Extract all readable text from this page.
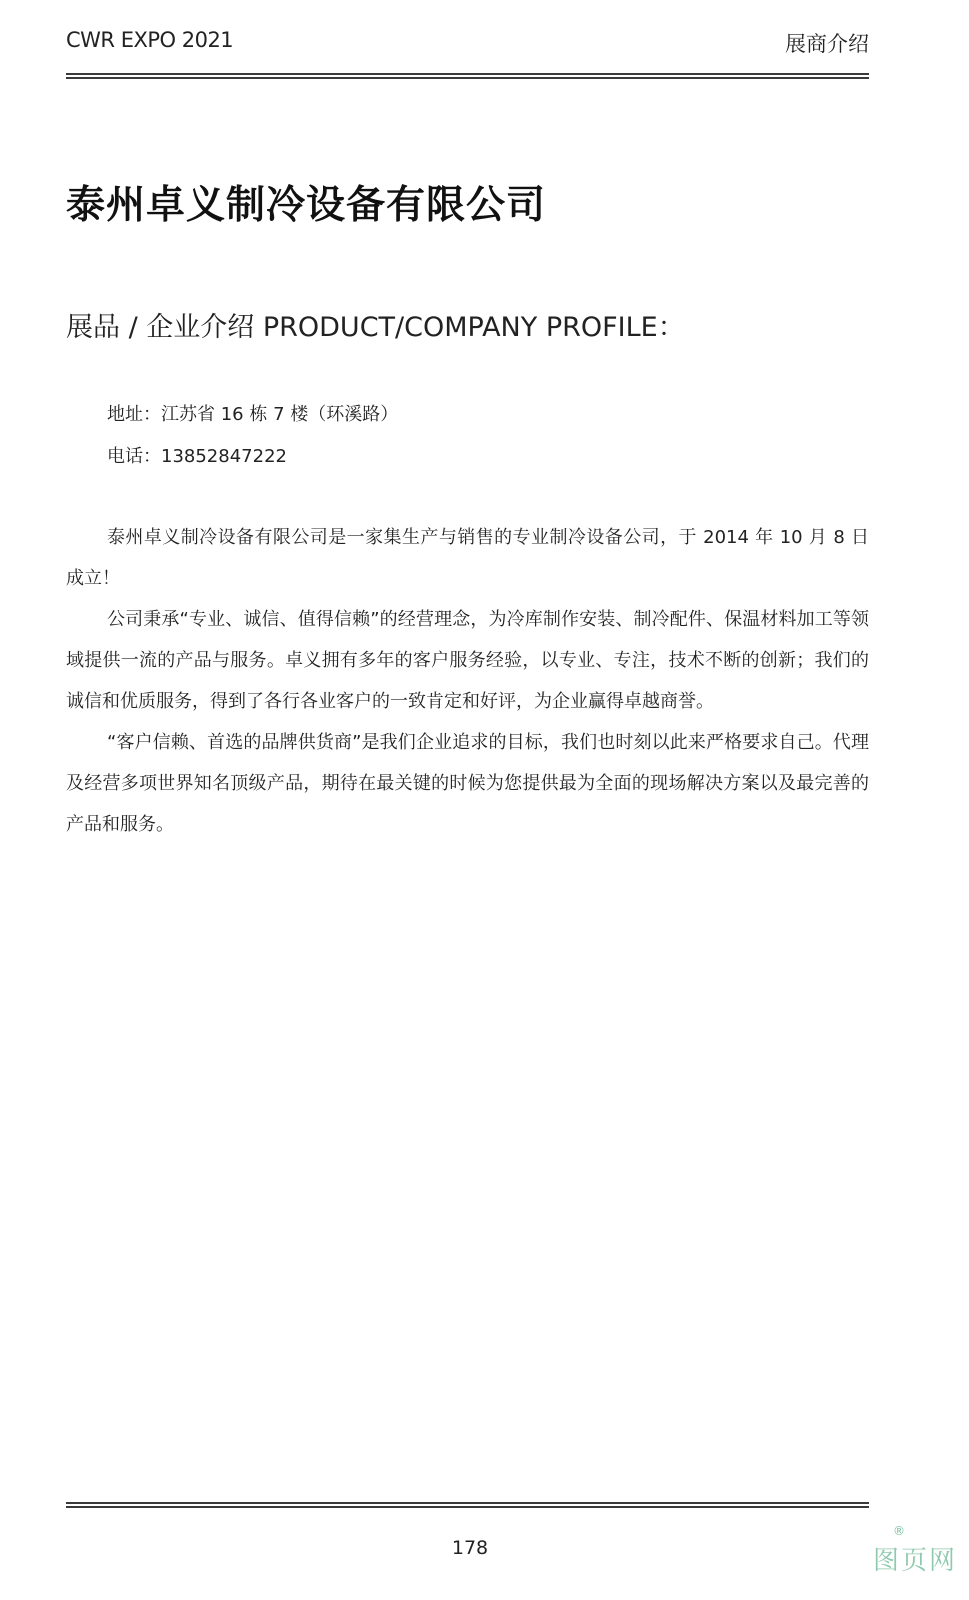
CWR EXPO 2021	展商介绍
泰州卓义制冷设备有限公司
展品 / 企业介绍 PRODUCT/COMPANY PROFILE：
地址：江苏省 16 栋 7 楼（环溪路）
电话：13852847222

泰州卓义制冷设备有限公司是一家集生产与销售的专业制冷设备公司，于 2014 年 10 月 8 日成立！

公司秉承“专业、诚信、值得信赖”的经营理念，为冷库制作安装、制冷配件、保温材料加工等领域提供一流的产品与服务。卓义拥有多年的客户服务经验，以专业、专注，技术不断的创新；我们的诚信和优质服务，得到了各行各业客户的一致肯定和好评，为企业赢得卓越商誉。

“客户信赖、首选的品牌供货商”是我们企业追求的目标，我们也时刻以此来严格要求自己。代理及经营多项世界知名顶级产品，期待在最关键的时候为您提供最为全面的现场解决方案以及最完善的产品和服务。

178
®
图页网
